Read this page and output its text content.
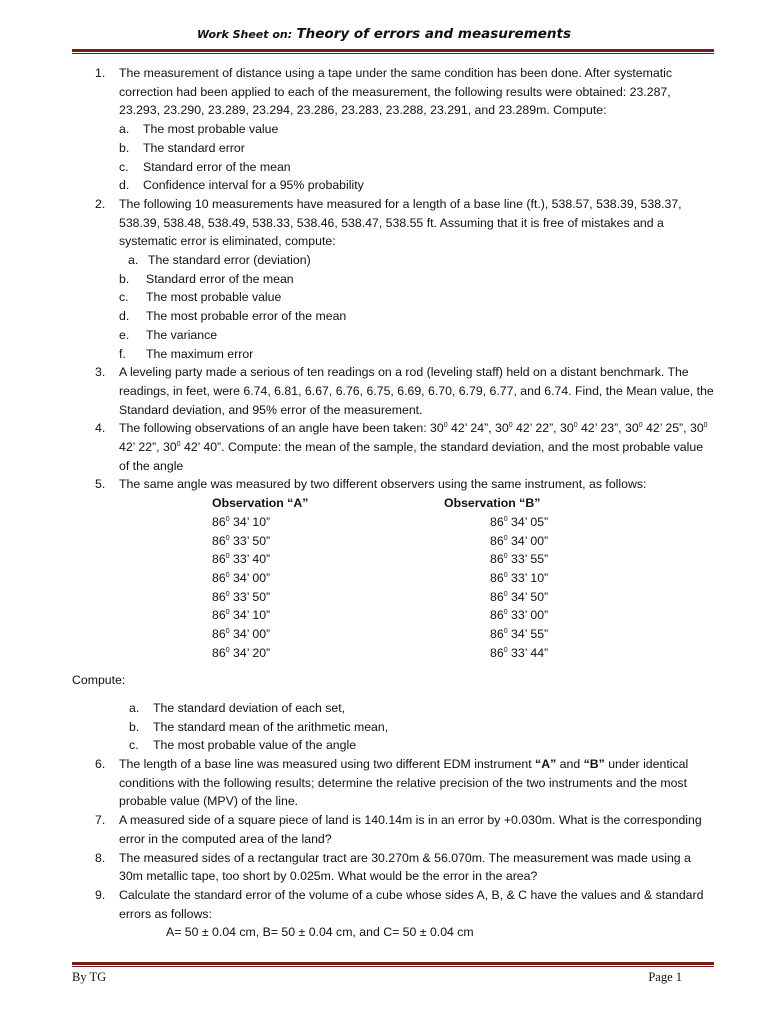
Work Sheet on: Theory of errors and measurements
1. The measurement of distance using a tape under the same condition has been done. After systematic correction had been applied to each of the measurement, the following results were obtained: 23.287, 23.293, 23.290, 23.289, 23.294, 23.286, 23.283, 23.288, 23.291, and 23.289m. Compute:
a. The most probable value
b. The standard error
c. Standard error of the mean
d. Confidence interval for a 95% probability
2. The following 10 measurements have measured for a length of a base line (ft.), 538.57, 538.39, 538.37, 538.39, 538.48, 538.49, 538.33, 538.46, 538.47, 538.55 ft. Assuming that it is free of mistakes and a systematic error is eliminated, compute:
a. The standard error (deviation)
b. Standard error of the mean
c. The most probable value
d. The most probable error of the mean
e. The variance
f. The maximum error
3. A leveling party made a serious of ten readings on a rod (leveling staff) held on a distant benchmark. The readings, in feet, were 6.74, 6.81, 6.67, 6.76, 6.75, 6.69, 6.70, 6.79, 6.77, and 6.74. Find, the Mean value, the Standard deviation, and 95% error of the measurement.
4. The following observations of an angle have been taken: $30^0$ 42’ 24”, $30^0$ 42’ 22”, $30^0$ 42’ 23”, $30^0$ 42’ 25”, $30^0$ 42’ 22”, $30^0$ 42’ 40”. Compute: the mean of the sample, the standard deviation, and the most probable value of the angle
5. The same angle was measured by two different observers using the same instrument, as follows:
Observation “A”
$86^0$ 34’ 10”
$86^0$ 33’ 50”
$86^0$ 33’ 40”
$86^0$ 34’ 00”
$86^0$ 33’ 50”
$86^0$ 34’ 10”
$86^0$ 34’ 00”
$86^0$ 34’ 20”
Observation “B”
$86^0$ 34’ 05”
$86^0$ 34’ 00”
$86^0$ 33’ 55”
$86^0$ 33’ 10”
$86^0$ 34’ 50”
$86^0$ 33’ 00”
$86^0$ 34’ 55”
$86^0$ 33’ 44”
Compute:
a. The standard deviation of each set,
b. The standard mean of the arithmetic mean,
c. The most probable value of the angle
6. The length of a base line was measured using two different EDM instrument “A” and “B” under identical conditions with the following results; determine the relative precision of the two instruments and the most probable value (MPV) of the line.
7. A measured side of a square piece of land is 140.14m is in an error by +0.030m. What is the corresponding error in the computed area of the land?
8. The measured sides of a rectangular tract are 30.270m & 56.070m. The measurement was made using a 30m metallic tape, too short by 0.025m. What would be the error in the area?
9. Calculate the standard error of the volume of a cube whose sides A, B, & C have the values and & standard errors as follows:
A= 50 ± 0.04 cm, B= 50 ± 0.04 cm, and C= 50 ± 0.04 cm
By TG	Page 1
